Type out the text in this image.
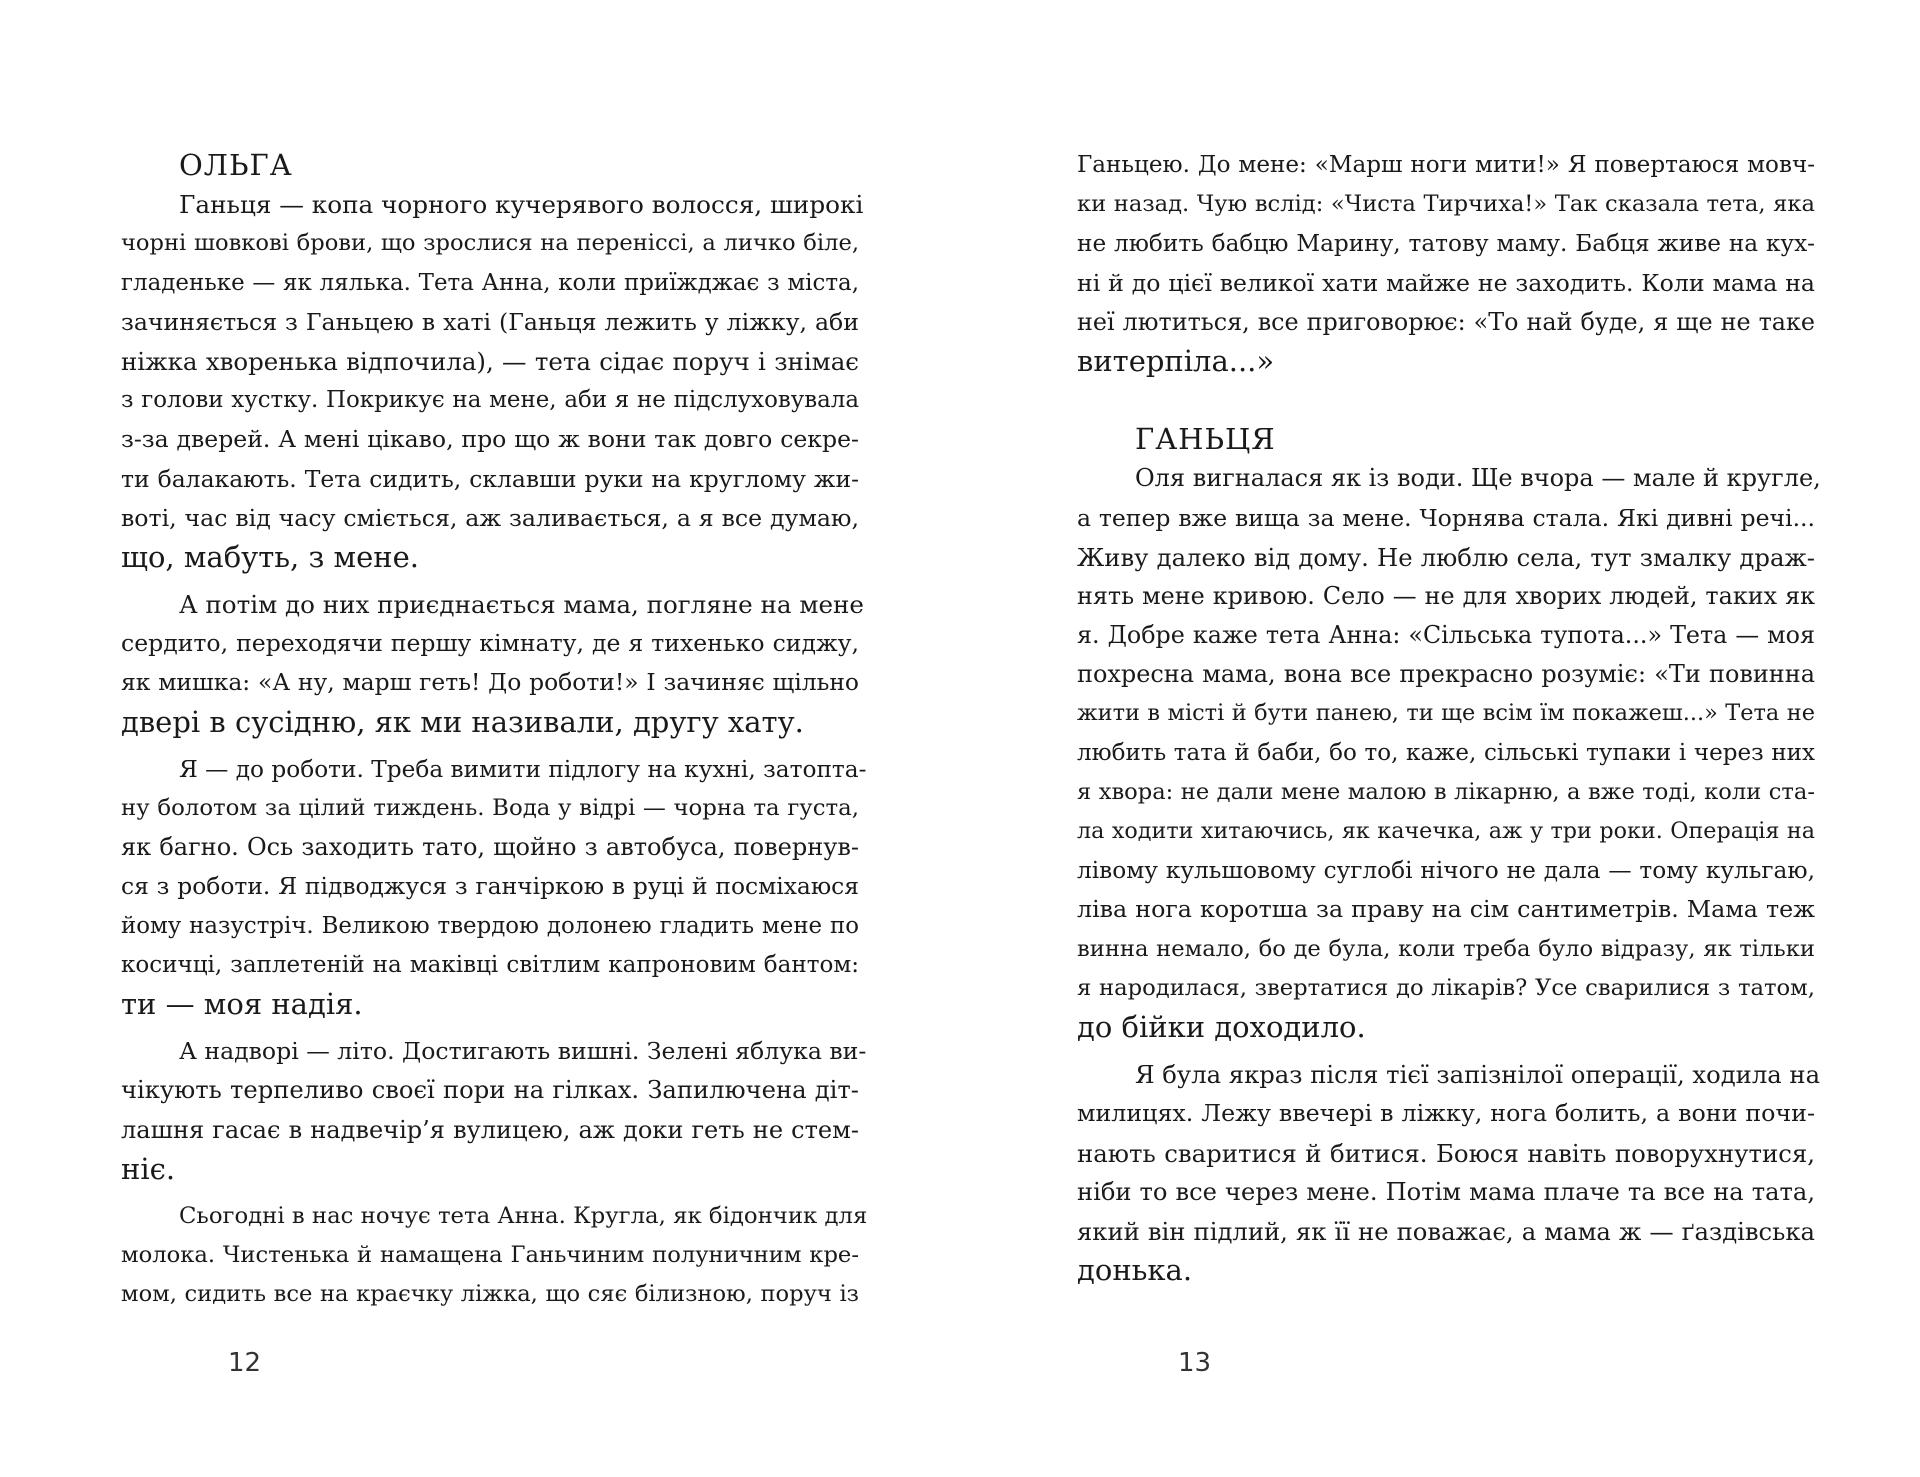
ОЛЬГА
Ганьця — копа чорного кучерявого волосся, широкі
чорні шовкові брови, що зрослися на переніссі, а личко біле,
гладеньке — як лялька. Тета Анна, коли приїжджає з міста,
зачиняється з Ганьцею в хаті (Ганьця лежить у ліжку, аби
ніжка хворенька відпочила), — тета сідає поруч і знімає
з голови хустку. Покрикує на мене, аби я не підслуховувала
з-за дверей. А мені цікаво, про що ж вони так довго секре-
ти балакають. Тета сидить, склавши руки на круглому жи-
воті, час від часу сміється, аж заливається, а я все думаю,
що, мабуть, з мене.
А потім до них приєднається мама, погляне на мене
сердито, переходячи першу кімнату, де я тихенько сиджу,
як мишка: «А ну, марш геть! До роботи!» І зачиняє щільно
двері в сусідню, як ми називали, другу хату.
Я — до роботи. Треба вимити підлогу на кухні, затопта-
ну болотом за цілий тиждень. Вода у відрі — чорна та густа,
як багно. Ось заходить тато, щойно з автобуса, повернув-
ся з роботи. Я підводжуся з ганчіркою в руці й посміхаюся
йому назустріч. Великою твердою долонею гладить мене по
косичці, заплетеній на маківці світлим капроновим бантом:
ти — моя надія.
А надворі — літо. Достигають вишні. Зелені яблука ви-
чікують терпеливо своєї пори на гілках. Запилючена діт-
лашня гасає в надвечір’я вулицею, аж доки геть не стем-
ніє.
Сьогодні в нас ночує тета Анна. Кругла, як бідончик для
молока. Чистенька й намащена Ганьчиним полуничним кре-
мом, сидить все на краєчку ліжка, що сяє білизною, поруч із
12
Ганьцею. До мене: «Марш ноги мити!» Я повертаюся мовч-
ки назад. Чую вслід: «Чиста Тирчиха!» Так сказала тета, яка
не любить бабцю Марину, татову маму. Бабця живе на кух-
ні й до цієї великої хати майже не заходить. Коли мама на
неї лютиться, все приговорює: «То най буде, я ще не таке
витерпіла...»
ГАНЬЦЯ
Оля вигналася як із води. Ще вчора — мале й кругле,
а тепер вже вища за мене. Чорнява стала. Які дивні речі...
Живу далеко від дому. Не люблю села, тут змалку драж-
нять мене кривою. Село — не для хворих людей, таких як
я. Добре каже тета Анна: «Сільська тупота...» Тета — моя
похресна мама, вона все прекрасно розуміє: «Ти повинна
жити в місті й бути панею, ти ще всім їм покажеш...» Тета не
любить тата й баби, бо то, каже, сільські тупаки і через них
я хвора: не дали мене малою в лікарню, а вже тоді, коли ста-
ла ходити хитаючись, як качечка, аж у три роки. Операція на
лівому кульшовому суглобі нічого не дала — тому кульгаю,
ліва нога коротша за праву на сім сантиметрів. Мама теж
винна немало, бо де була, коли треба було відразу, як тільки
я народилася, звертатися до лікарів? Усе сварилися з татом,
до бійки доходило.
Я була якраз після тієї запізнілої операції, ходила на
милицях. Лежу ввечері в ліжку, нога болить, а вони почи-
нають сваритися й битися. Боюся навіть поворухнутися,
ніби то все через мене. Потім мама плаче та все на тата,
який він підлий, як її не поважає, а мама ж — ґаздівська
донька.
13
